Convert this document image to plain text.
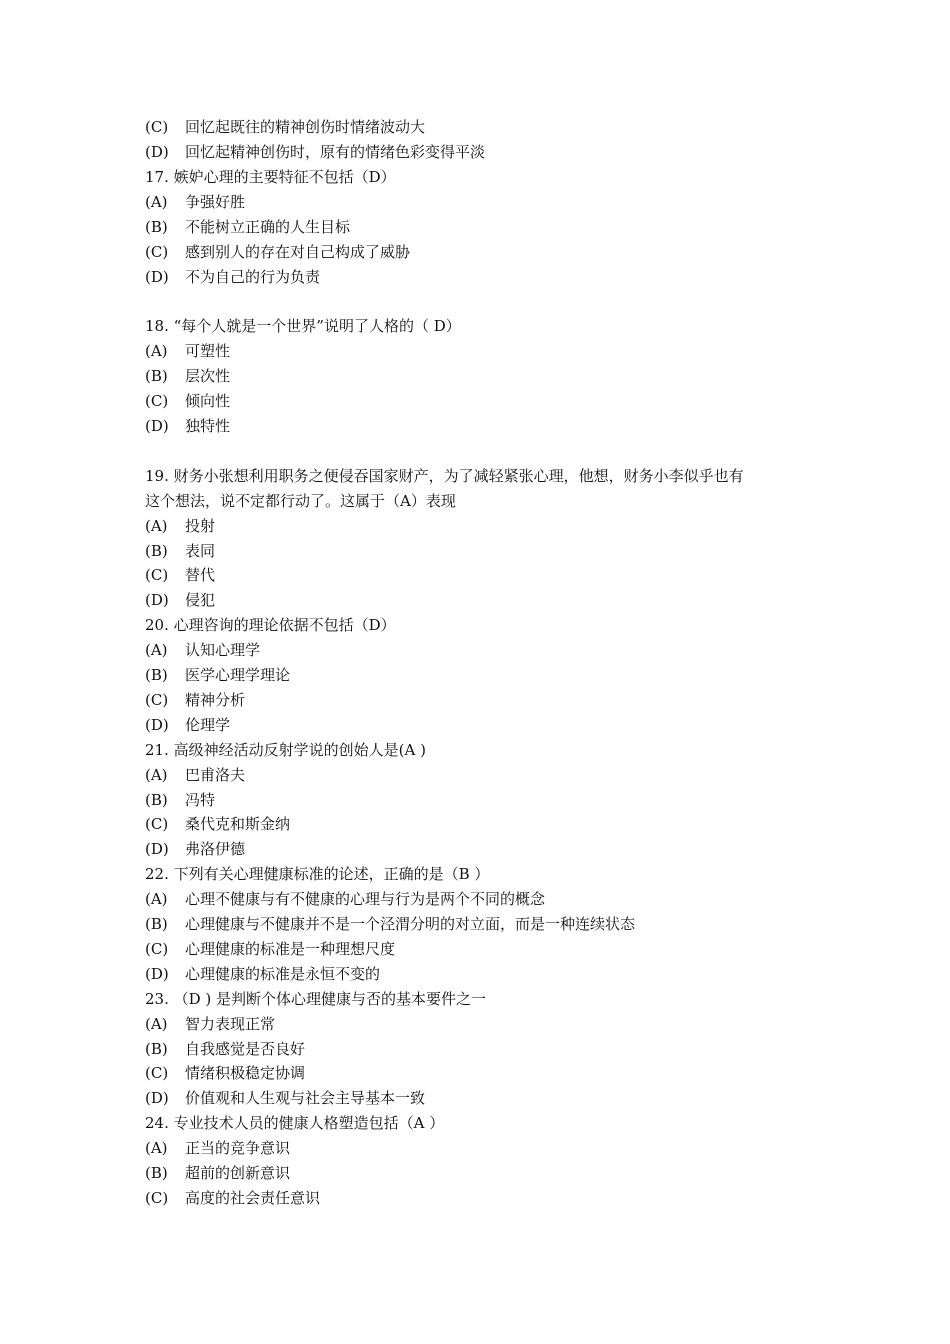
(C)	回忆起既往的精神创伤时情绪波动大
(D)	回忆起精神创伤时，原有的情绪色彩变得平淡
17. 嫉妒心理的主要特征不包括（D）
(A)	争强好胜
(B)	不能树立正确的人生目标
(C)	感到别人的存在对自己构成了威胁
(D)	不为自己的行为负责
18. “每个人就是一个世界”说明了人格的（ D）
(A)	可塑性
(B)	层次性
(C)	倾向性
(D)	独特性
19. 财务小张想利用职务之便侵吞国家财产，为了减轻紧张心理，他想，财务小李似乎也有
这个想法，说不定都行动了。这属于（A）表现
(A)	投射
(B)	表同
(C)	替代
(D)	侵犯
20. 心理咨询的理论依据不包括（D）
(A)	认知心理学
(B)	医学心理学理论
(C)	精神分析
(D)	伦理学
21. 高级神经活动反射学说的创始人是(A )
(A)	巴甫洛夫
(B)	冯特
(C)	桑代克和斯金纳
(D)	弗洛伊德
22. 下列有关心理健康标准的论述，正确的是（B ）
(A)	心理不健康与有不健康的心理与行为是两个不同的概念
(B)	心理健康与不健康并不是一个泾渭分明的对立面，而是一种连续状态
(C)	心理健康的标准是一种理想尺度
(D)	心理健康的标准是永恒不变的
23. （D ) 是判断个体心理健康与否的基本要件之一
(A)	智力表现正常
(B)	自我感觉是否良好
(C)	情绪积极稳定协调
(D)	价值观和人生观与社会主导基本一致
24. 专业技术人员的健康人格塑造包括（A ）
(A)	正当的竞争意识
(B)	超前的创新意识
(C)	高度的社会责任意识
